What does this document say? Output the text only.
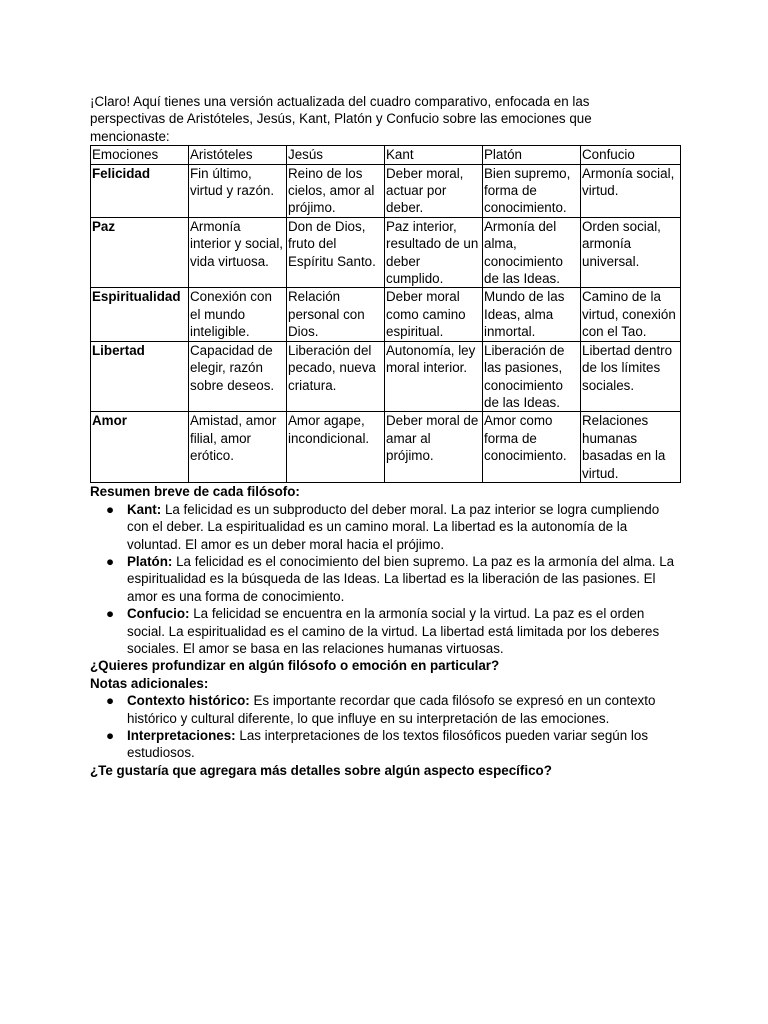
¡Claro! Aquí tienes una versión actualizada del cuadro comparativo, enfocada en las perspectivas de Aristóteles, Jesús, Kant, Platón y Confucio sobre las emociones que mencionaste:

Emociones	Aristóteles	Jesús	Kant	Platón	Confucio
Felicidad	Fin último, virtud y razón.	Reino de los cielos, amor al prójimo.	Deber moral, actuar por deber.	Bien supremo, forma de conocimiento.	Armonía social, virtud.
Paz	Armonía interior y social, vida virtuosa.	Don de Dios, fruto del Espíritu Santo.	Paz interior, resultado de un deber cumplido.	Armonía del alma, conocimiento de las Ideas.	Orden social, armonía universal.
Espiritualidad	Conexión con el mundo inteligible.	Relación personal con Dios.	Deber moral como camino espiritual.	Mundo de las Ideas, alma inmortal.	Camino de la virtud, conexión con el Tao.
Libertad	Capacidad de elegir, razón sobre deseos.	Liberación del pecado, nueva criatura.	Autonomía, ley moral interior.	Liberación de las pasiones, conocimiento de las Ideas.	Libertad dentro de los límites sociales.
Amor	Amistad, amor filial, amor erótico.	Amor agape, incondicional.	Deber moral de amar al prójimo.	Amor como forma de conocimiento.	Relaciones humanas basadas en la virtud.
Resumen breve de cada filósofo:
● Kant: La felicidad es un subproducto del deber moral. La paz interior se logra cumpliendo con el deber. La espiritualidad es un camino moral. La libertad es la autonomía de la voluntad. El amor es un deber moral hacia el prójimo.
● Platón: La felicidad es el conocimiento del bien supremo. La paz es la armonía del alma. La espiritualidad es la búsqueda de las Ideas. La libertad es la liberación de las pasiones. El amor es una forma de conocimiento.
● Confucio: La felicidad se encuentra en la armonía social y la virtud. La paz es el orden social. La espiritualidad es el camino de la virtud. La libertad está limitada por los deberes sociales. El amor se basa en las relaciones humanas virtuosas.

¿Quieres profundizar en algún filósofo o emoción en particular?

Notas adicionales:
● Contexto histórico: Es importante recordar que cada filósofo se expresó en un contexto histórico y cultural diferente, lo que influye en su interpretación de las emociones.
● Interpretaciones: Las interpretaciones de los textos filosóficos pueden variar según los estudiosos.

¿Te gustaría que agregara más detalles sobre algún aspecto específico?
